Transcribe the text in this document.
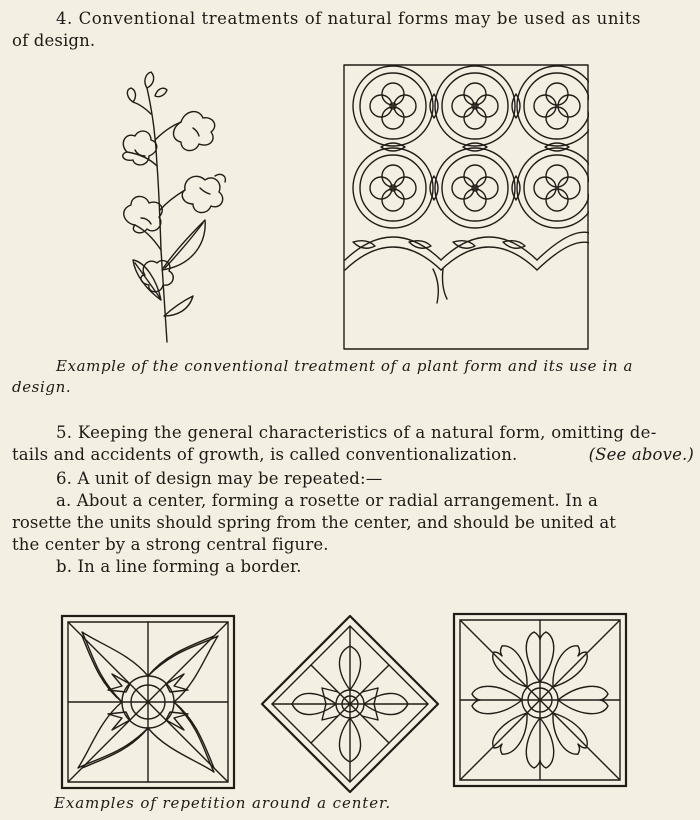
4. Conventional treatments of natural forms may be used as units

of design.

Example of the conventional treatment of a plant form and its use in a

design.

5. Keeping the general characteristics of a natural form, omitting de-

tails and accidents of growth, is called conventionalization.	(See above.)

6. A unit of design may be repeated:—

a. About a center, forming a rosette or radial arrangement. In a

rosette the units should spring from the center, and should be united at

the center by a strong central figure.

b. In a line forming a border.

Examples of repetition around a center.
